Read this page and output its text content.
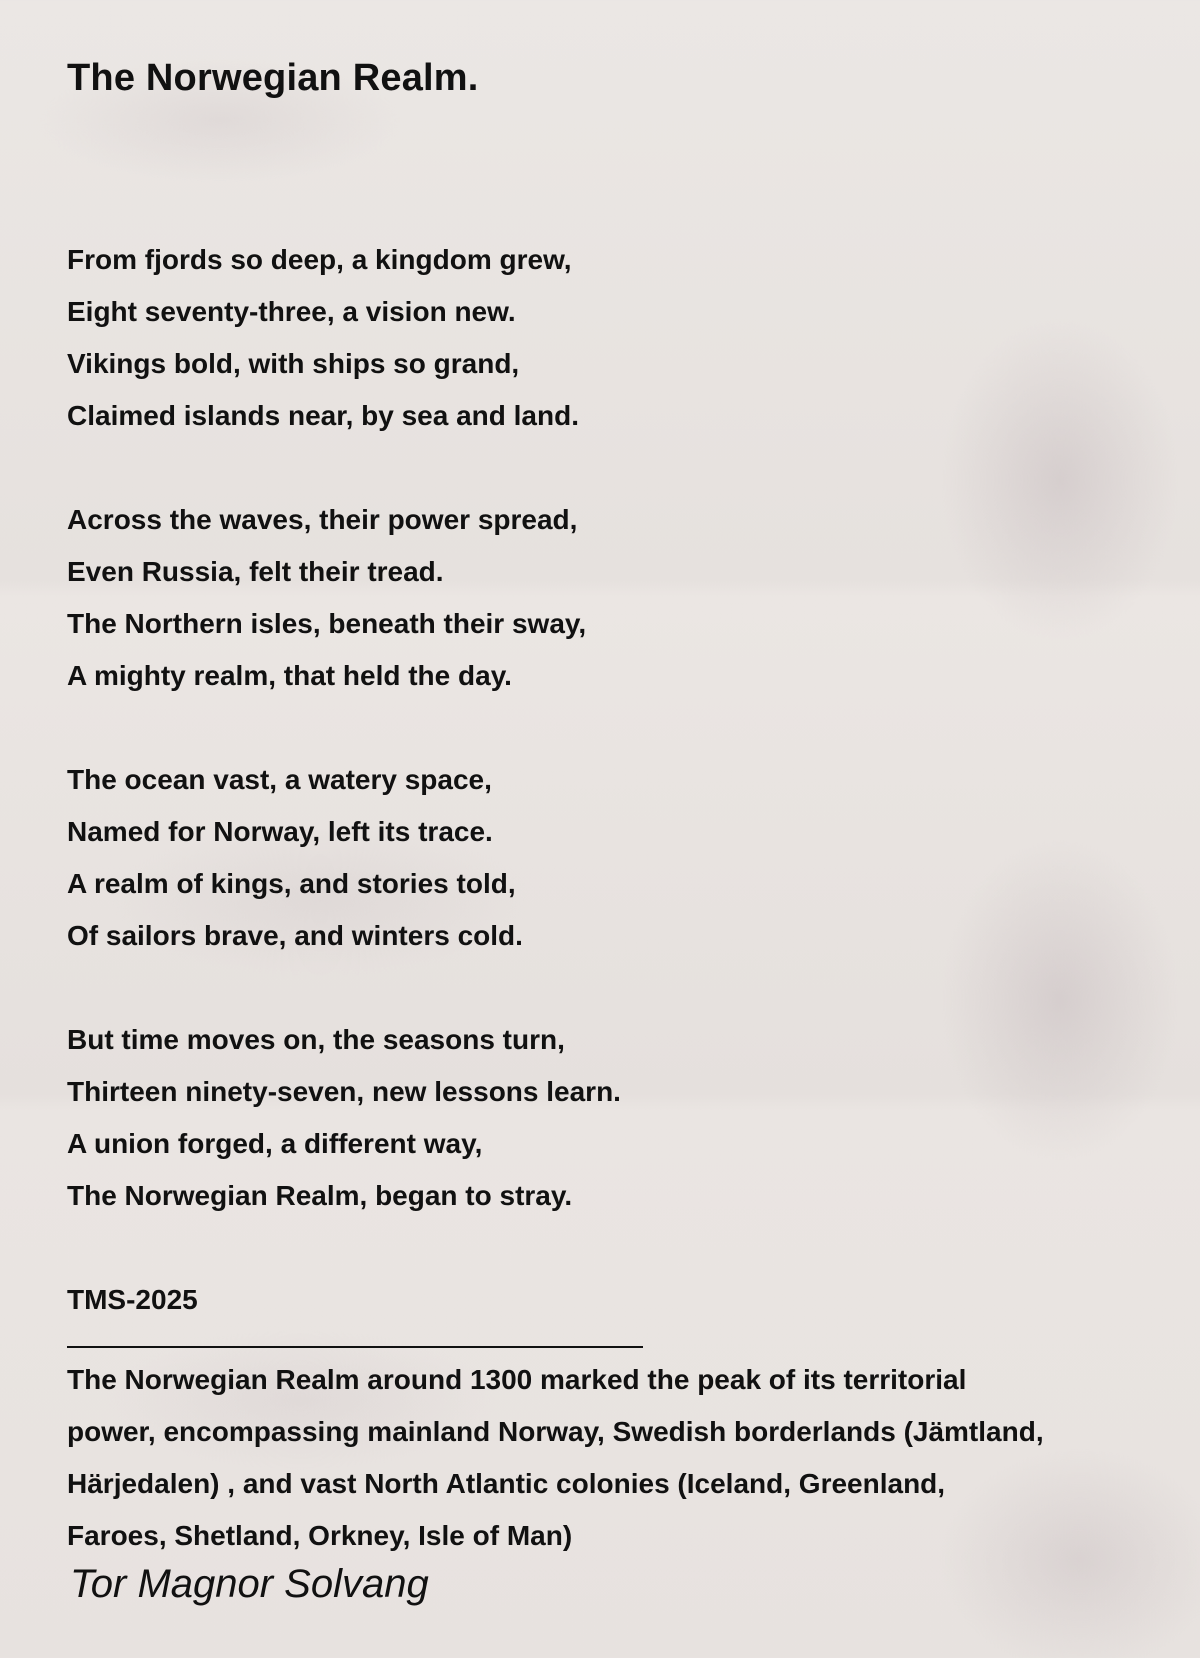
The Norwegian Realm.
From fjords so deep, a kingdom grew,
Eight seventy-three, a vision new.
Vikings bold, with ships so grand,
Claimed islands near, by sea and land.
Across the waves, their power spread,
Even Russia, felt their tread.
The Northern isles, beneath their sway,
A mighty realm, that held the day.
The ocean vast, a watery space,
Named for Norway, left its trace.
A realm of kings, and stories told,
Of sailors brave, and winters cold.
But time moves on, the seasons turn,
Thirteen ninety-seven, new lessons learn.
A union forged, a different way,
The Norwegian Realm, began to stray.
TMS-2025
The Norwegian Realm around 1300 marked the peak of its territorial
power, encompassing mainland Norway, Swedish borderlands (Jämtland,
Härjedalen) , and vast North Atlantic colonies (Iceland, Greenland,
Faroes, Shetland, Orkney, Isle of Man)
Tor Magnor Solvang
